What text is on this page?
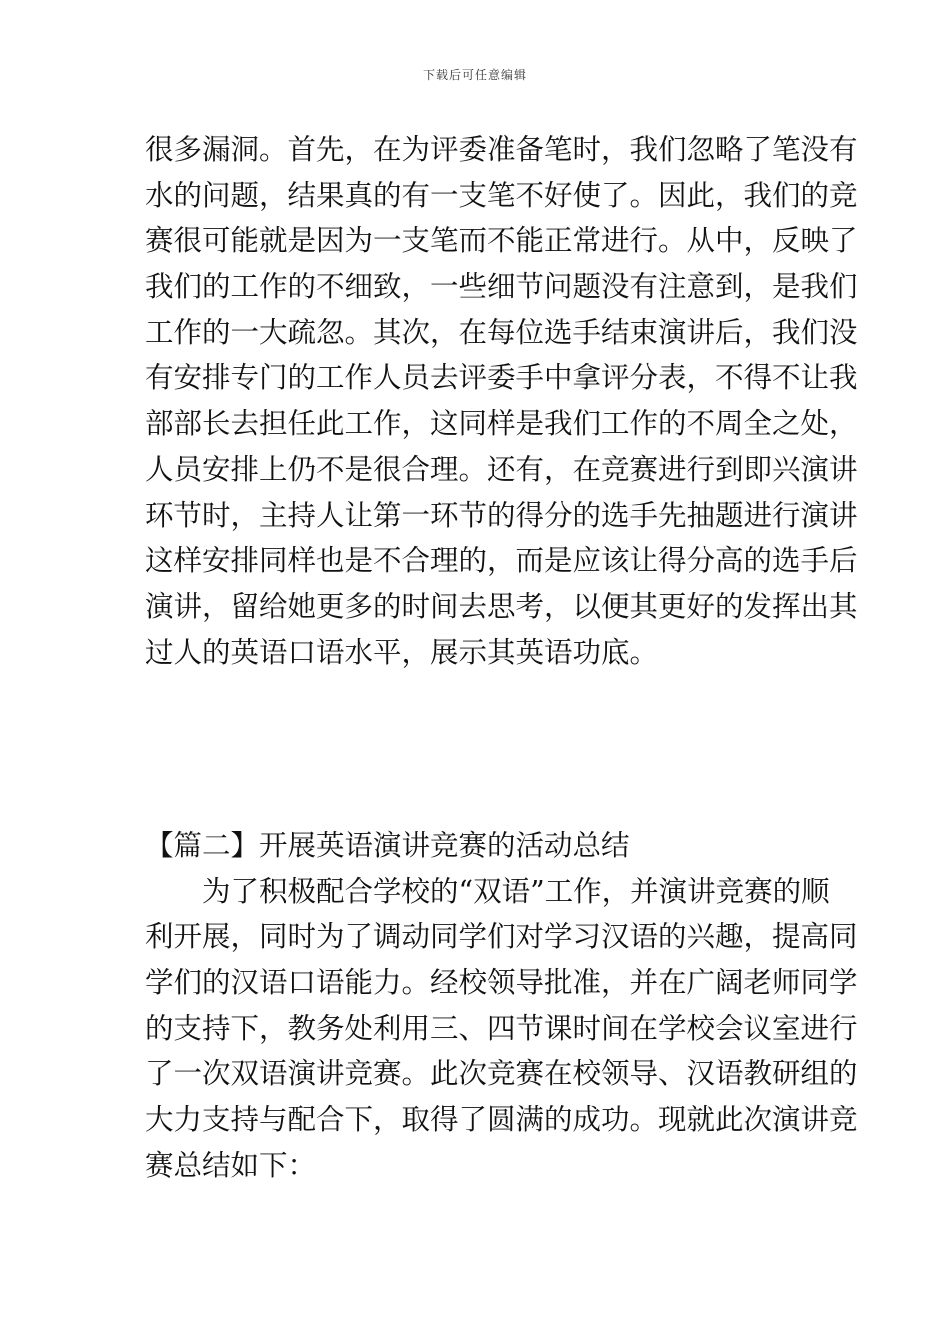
下载后可任意编辑
很多漏洞。首先，在为评委准备笔时，我们忽略了笔没有
水的问题，结果真的有一支笔不好使了。因此，我们的竞
赛很可能就是因为一支笔而不能正常进行。从中，反映了
我们的工作的不细致，一些细节问题没有注意到，是我们
工作的一大疏忽。其次，在每位选手结束演讲后，我们没
有安排专门的工作人员去评委手中拿评分表，不得不让我
部部长去担任此工作，这同样是我们工作的不周全之处，
人员安排上仍不是很合理。还有，在竞赛进行到即兴演讲
环节时，主持人让第一环节的得分的选手先抽题进行演讲
这样安排同样也是不合理的，而是应该让得分高的选手后
演讲，留给她更多的时间去思考，以便其更好的发挥出其
过人的英语口语水平，展示其英语功底。
【篇二】开展英语演讲竞赛的活动总结
为了积极配合学校的“双语”工作，并演讲竞赛的顺
利开展，同时为了调动同学们对学习汉语的兴趣，提高同
学们的汉语口语能力。经校领导批准，并在广阔老师同学
的支持下，教务处利用三、四节课时间在学校会议室进行
了一次双语演讲竞赛。此次竞赛在校领导、汉语教研组的
大力支持与配合下，取得了圆满的成功。现就此次演讲竞
赛总结如下：
